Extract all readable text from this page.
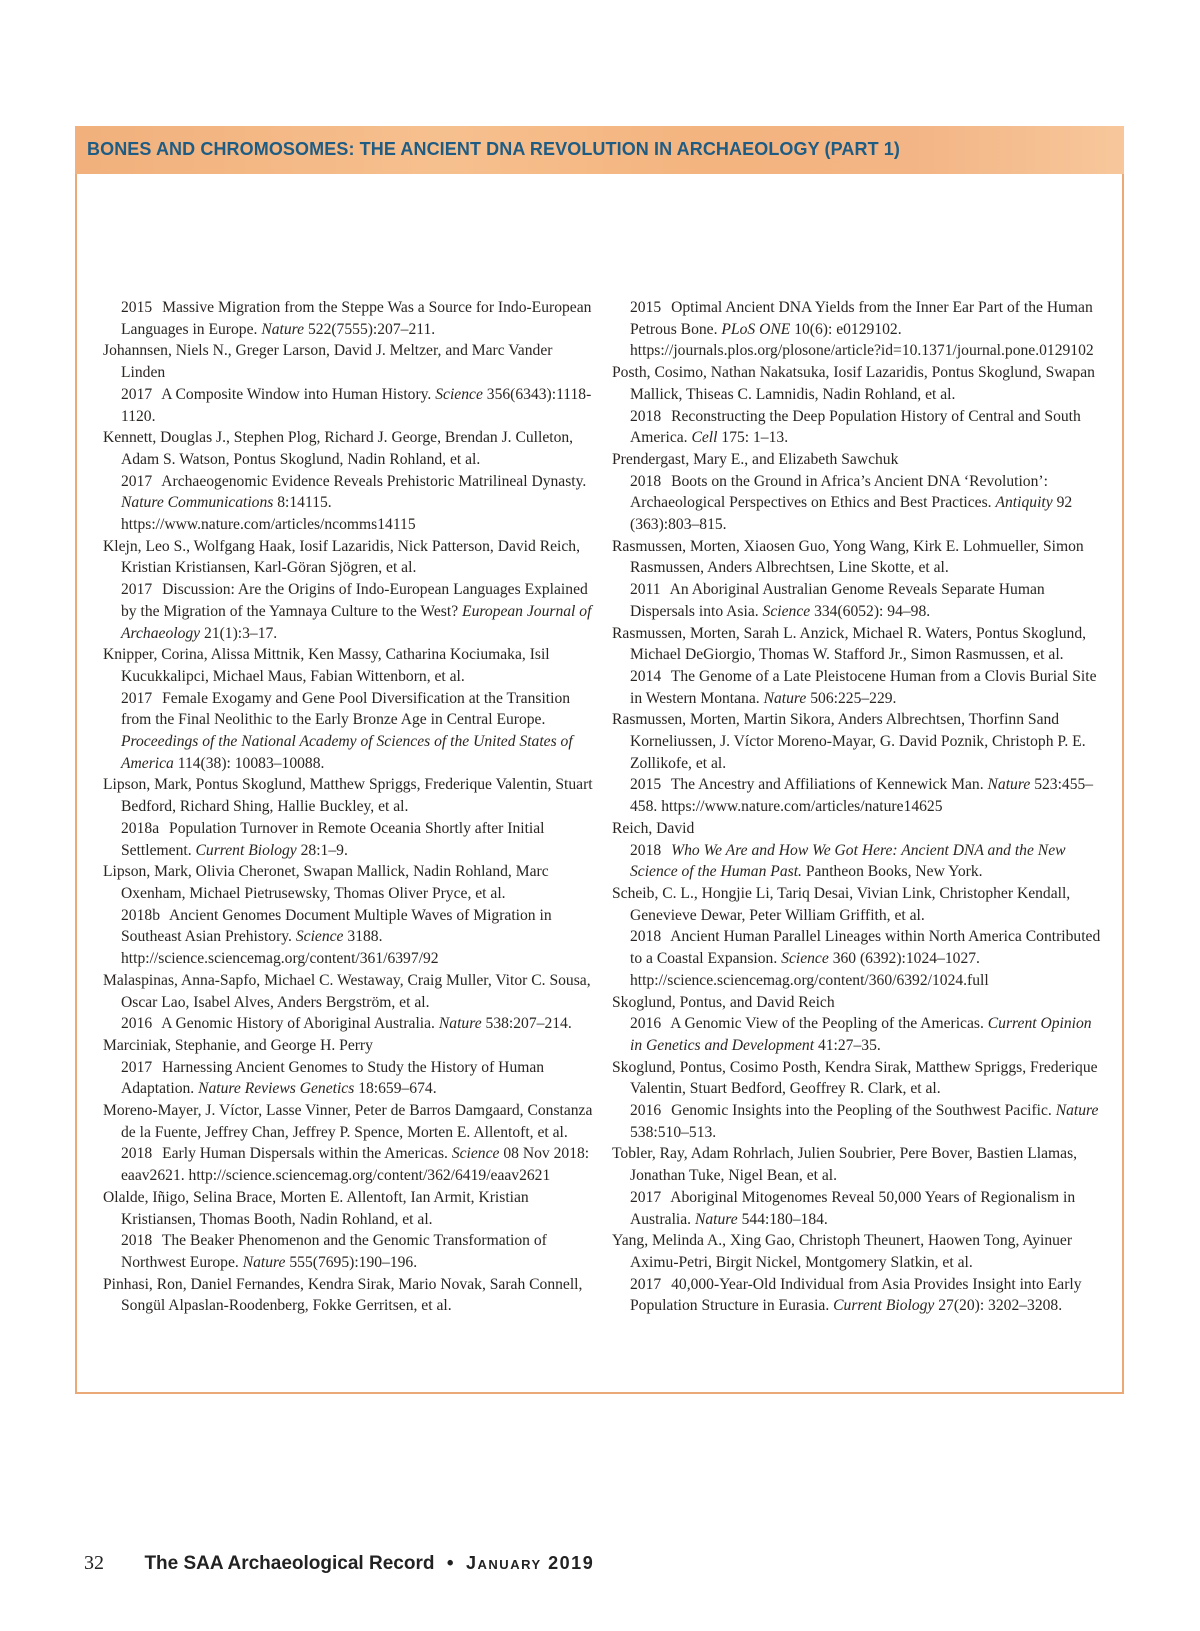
BONES AND CHROMOSOMES: THE ANCIENT DNA REVOLUTION IN ARCHAEOLOGY (PART 1)
2015 Massive Migration from the Steppe Was a Source for Indo-European Languages in Europe. Nature 522(7555):207–211.
Johannsen, Niels N., Greger Larson, David J. Meltzer, and Marc Vander Linden
2017 A Composite Window into Human History. Science 356(6343):1118-1120.
Kennett, Douglas J., Stephen Plog, Richard J. George, Brendan J. Culleton, Adam S. Watson, Pontus Skoglund, Nadin Rohland, et al.
2017 Archaeogenomic Evidence Reveals Prehistoric Matrilineal Dynasty. Nature Communications 8:14115. https://www.nature.com/articles/ncomms14115
Klejn, Leo S., Wolfgang Haak, Iosif Lazaridis, Nick Patterson, David Reich, Kristian Kristiansen, Karl-Göran Sjögren, et al.
2017 Discussion: Are the Origins of Indo-European Languages Explained by the Migration of the Yamnaya Culture to the West? European Journal of Archaeology 21(1):3–17.
Knipper, Corina, Alissa Mittnik, Ken Massy, Catharina Kociumaka, Isil Kucukkalipci, Michael Maus, Fabian Wittenborn, et al.
2017 Female Exogamy and Gene Pool Diversification at the Transition from the Final Neolithic to the Early Bronze Age in Central Europe. Proceedings of the National Academy of Sciences of the United States of America 114(38): 10083–10088.
Lipson, Mark, Pontus Skoglund, Matthew Spriggs, Frederique Valentin, Stuart Bedford, Richard Shing, Hallie Buckley, et al.
2018a Population Turnover in Remote Oceania Shortly after Initial Settlement. Current Biology 28:1–9.
Lipson, Mark, Olivia Cheronet, Swapan Mallick, Nadin Rohland, Marc Oxenham, Michael Pietrusewsky, Thomas Oliver Pryce, et al.
2018b Ancient Genomes Document Multiple Waves of Migration in Southeast Asian Prehistory. Science 3188. http://science.sciencemag.org/content/361/6397/92
Malaspinas, Anna-Sapfo, Michael C. Westaway, Craig Muller, Vitor C. Sousa, Oscar Lao, Isabel Alves, Anders Bergström, et al.
2016 A Genomic History of Aboriginal Australia. Nature 538:207–214.
Marciniak, Stephanie, and George H. Perry
2017 Harnessing Ancient Genomes to Study the History of Human Adaptation. Nature Reviews Genetics 18:659–674.
Moreno-Mayer, J. Víctor, Lasse Vinner, Peter de Barros Damgaard, Constanza de la Fuente, Jeffrey Chan, Jeffrey P. Spence, Morten E. Allentoft, et al.
2018 Early Human Dispersals within the Americas. Science 08 Nov 2018: eaav2621. http://science.sciencemag.org/content/362/6419/eaav2621
Olalde, Iñigo, Selina Brace, Morten E. Allentoft, Ian Armit, Kristian Kristiansen, Thomas Booth, Nadin Rohland, et al.
2018 The Beaker Phenomenon and the Genomic Transformation of Northwest Europe. Nature 555(7695):190–196.
Pinhasi, Ron, Daniel Fernandes, Kendra Sirak, Mario Novak, Sarah Connell, Songül Alpaslan-Roodenberg, Fokke Gerritsen, et al.
2015 Optimal Ancient DNA Yields from the Inner Ear Part of the Human Petrous Bone. PLoS ONE 10(6): e0129102. https://journals.plos.org/plosone/article?id=10.1371/journal.pone.0129102
Posth, Cosimo, Nathan Nakatsuka, Iosif Lazaridis, Pontus Skoglund, Swapan Mallick, Thiseas C. Lamnidis, Nadin Rohland, et al.
2018 Reconstructing the Deep Population History of Central and South America. Cell 175: 1–13.
Prendergast, Mary E., and Elizabeth Sawchuk
2018 Boots on the Ground in Africa’s Ancient DNA ‘Revolution’: Archaeological Perspectives on Ethics and Best Practices. Antiquity 92 (363):803–815.
Rasmussen, Morten, Xiaosen Guo, Yong Wang, Kirk E. Lohmueller, Simon Rasmussen, Anders Albrechtsen, Line Skotte, et al.
2011 An Aboriginal Australian Genome Reveals Separate Human Dispersals into Asia. Science 334(6052): 94–98.
Rasmussen, Morten, Sarah L. Anzick, Michael R. Waters, Pontus Skoglund, Michael DeGiorgio, Thomas W. Stafford Jr., Simon Rasmussen, et al.
2014 The Genome of a Late Pleistocene Human from a Clovis Burial Site in Western Montana. Nature 506:225–229.
Rasmussen, Morten, Martin Sikora, Anders Albrechtsen, Thorfinn Sand Korneliussen, J. Víctor Moreno-Mayar, G. David Poznik, Christoph P. E. Zollikofe, et al.
2015 The Ancestry and Affiliations of Kennewick Man. Nature 523:455–458. https://www.nature.com/articles/nature14625
Reich, David
2018 Who We Are and How We Got Here: Ancient DNA and the New Science of the Human Past. Pantheon Books, New York.
Scheib, C. L., Hongjie Li, Tariq Desai, Vivian Link, Christopher Kendall, Genevieve Dewar, Peter William Griffith, et al.
2018 Ancient Human Parallel Lineages within North America Contributed to a Coastal Expansion. Science 360 (6392):1024–1027. http://science.sciencemag.org/content/360/6392/1024.full
Skoglund, Pontus, and David Reich
2016 A Genomic View of the Peopling of the Americas. Current Opinion in Genetics and Development 41:27–35.
Skoglund, Pontus, Cosimo Posth, Kendra Sirak, Matthew Spriggs, Frederique Valentin, Stuart Bedford, Geoffrey R. Clark, et al.
2016 Genomic Insights into the Peopling of the Southwest Pacific. Nature 538:510–513.
Tobler, Ray, Adam Rohrlach, Julien Soubrier, Pere Bover, Bastien Llamas, Jonathan Tuke, Nigel Bean, et al.
2017 Aboriginal Mitogenomes Reveal 50,000 Years of Regionalism in Australia. Nature 544:180–184.
Yang, Melinda A., Xing Gao, Christoph Theunert, Haowen Tong, Ayinuer Aximu-Petri, Birgit Nickel, Montgomery Slatkin, et al.
2017 40,000-Year-Old Individual from Asia Provides Insight into Early Population Structure in Eurasia. Current Biology 27(20): 3202–3208.
32 The SAA Archaeological Record • January 2019
